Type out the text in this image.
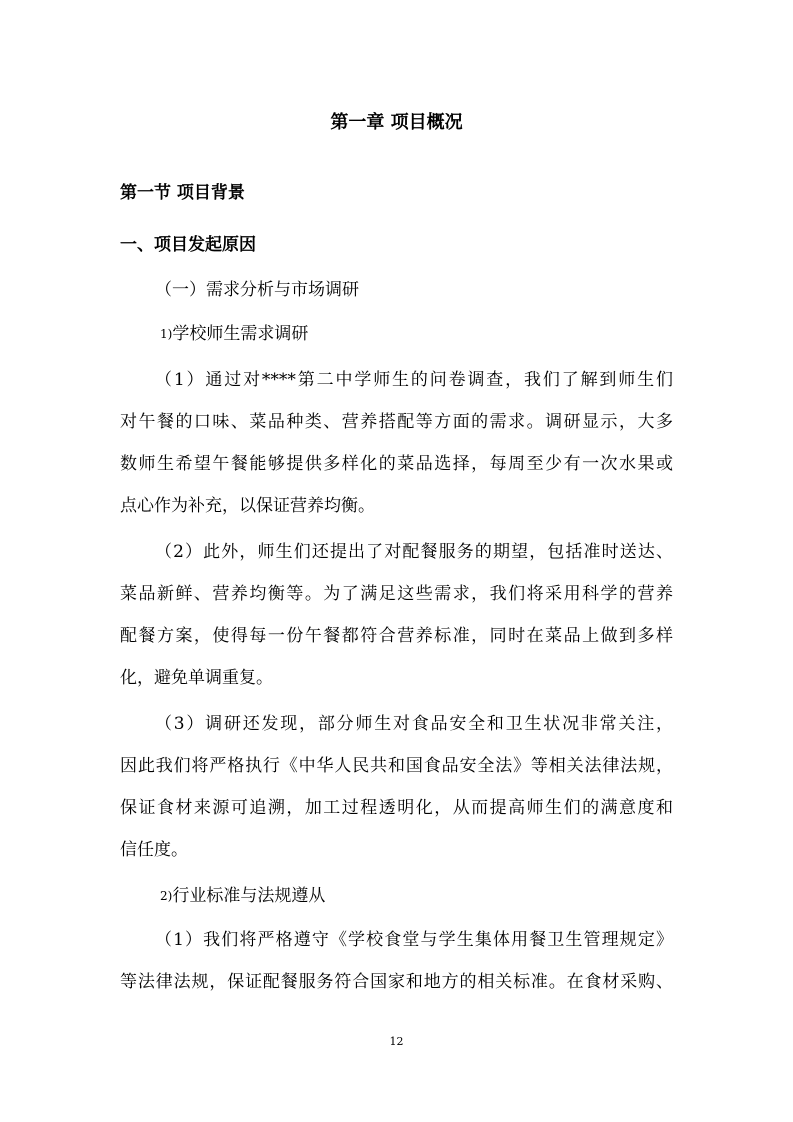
第一章 项目概况
第一节 项目背景
一、项目发起原因
（一）需求分析与市场调研
1)学校师生需求调研
（1）通过对****第二中学师生的问卷调查，我们了解到师生们
对午餐的口味、菜品种类、营养搭配等方面的需求。调研显示，大多
数师生希望午餐能够提供多样化的菜品选择，每周至少有一次水果或
点心作为补充，以保证营养均衡。
（2）此外，师生们还提出了对配餐服务的期望，包括准时送达、
菜品新鲜、营养均衡等。为了满足这些需求，我们将采用科学的营养
配餐方案，使得每一份午餐都符合营养标准，同时在菜品上做到多样
化，避免单调重复。
（3）调研还发现，部分师生对食品安全和卫生状况非常关注，
因此我们将严格执行《中华人民共和国食品安全法》等相关法律法规，
保证食材来源可追溯，加工过程透明化，从而提高师生们的满意度和
信任度。
2)行业标准与法规遵从
（1）我们将严格遵守《学校食堂与学生集体用餐卫生管理规定》
等法律法规，保证配餐服务符合国家和地方的相关标准。在食材采购、
12
